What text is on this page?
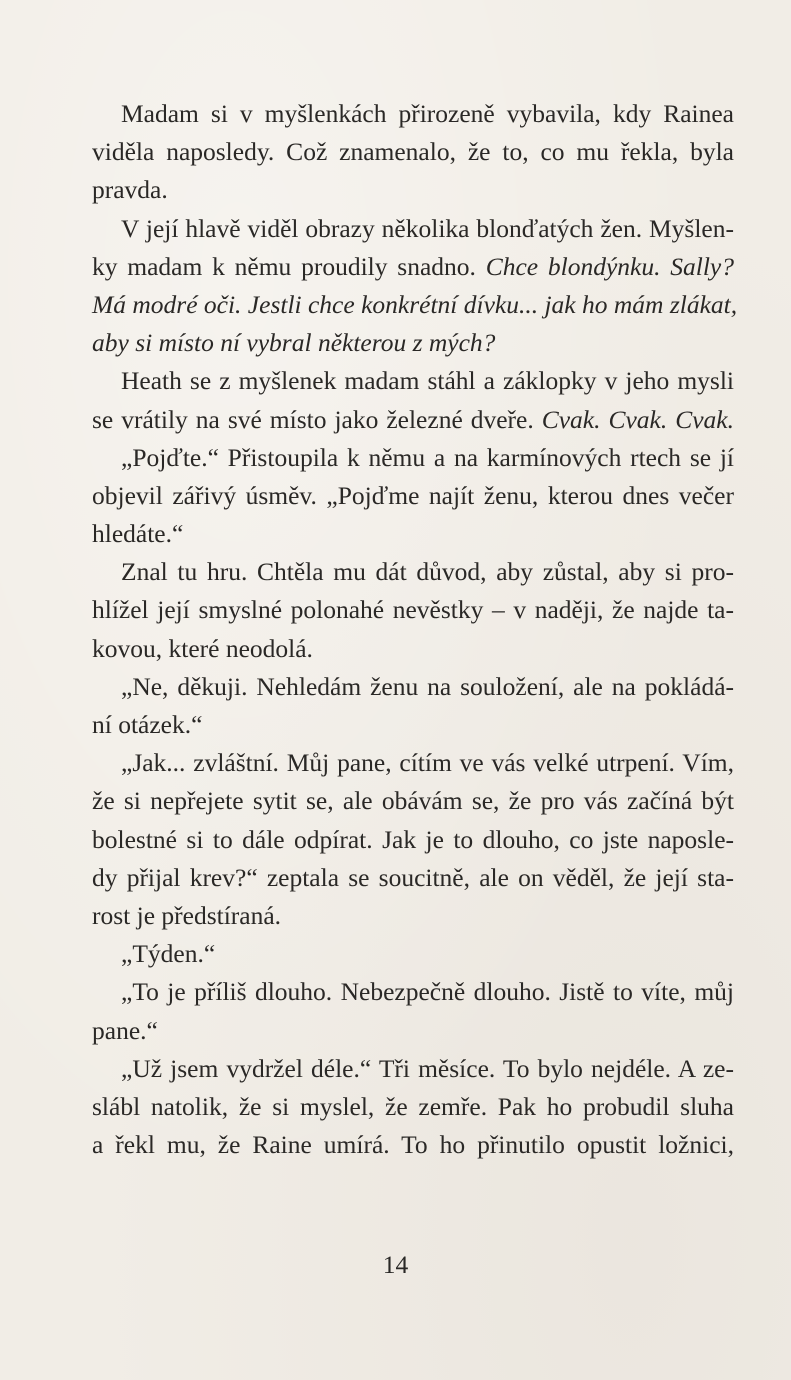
Madam si v myšlenkách přirozeně vybavila, kdy Rainea
viděla naposledy. Což znamenalo, že to, co mu řekla, byla
pravda.
V její hlavě viděl obrazy několika blonďatých žen. Myšlen-
ky madam k němu proudily snadno. Chce blondýnku. Sally?
Má modré oči. Jestli chce konkrétní dívku... jak ho mám zlákat,
aby si místo ní vybral některou z mých?
Heath se z myšlenek madam stáhl a záklopky v jeho mysli
se vrátily na své místo jako železné dveře. Cvak. Cvak. Cvak.
„Pojďte.“ Přistoupila k němu a na karmínových rtech se jí
objevil zářivý úsměv. „Pojďme najít ženu, kterou dnes večer
hledáte.“
Znal tu hru. Chtěla mu dát důvod, aby zůstal, aby si pro-
hlížel její smyslné polonahé nevěstky – v naději, že najde ta-
kovou, které neodolá.
„Ne, děkuji. Nehledám ženu na souložení, ale na pokládá-
ní otázek.“
„Jak... zvláštní. Můj pane, cítím ve vás velké utrpení. Vím,
že si nepřejete sytit se, ale obávám se, že pro vás začíná být
bolestné si to dále odpírat. Jak je to dlouho, co jste naposle-
dy přijal krev?“ zeptala se soucitně, ale on věděl, že její sta-
rost je předstíraná.
„Týden.“
„To je příliš dlouho. Nebezpečně dlouho. Jistě to víte, můj
pane.“
„Už jsem vydržel déle.“ Tři měsíce. To bylo nejdéle. A ze-
slábl natolik, že si myslel, že zemře. Pak ho probudil sluha
a řekl mu, že Raine umírá. To ho přinutilo opustit ložnici,
14
